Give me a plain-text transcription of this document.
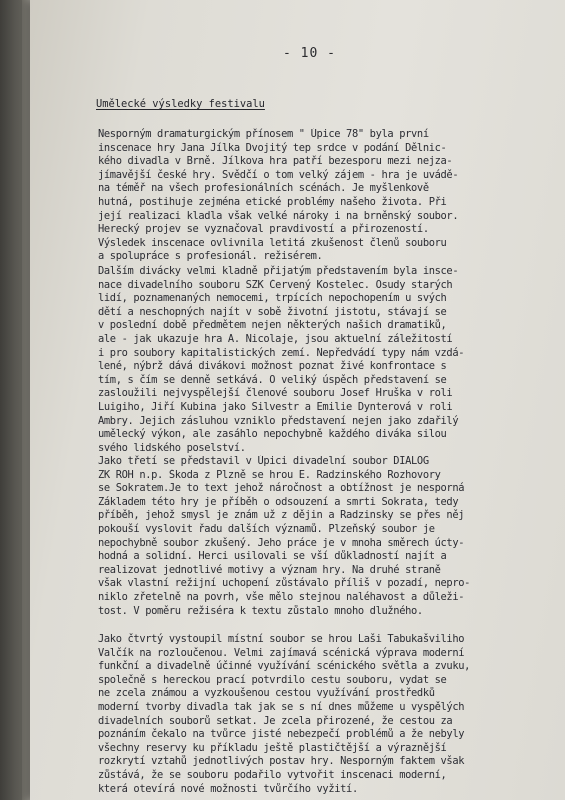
- 10 -
Umělecké výsledky festivalu
Nesporným dramaturgickým přínosem " Úpice 78" byla první
inscenace hry Jana Jílka Dvojitý tep srdce v podání Dělnic-
kého divadla v Brně. Jílkova hra patří bezesporu mezi nejza-
jímavější české hry. Svědčí o tom velký zájem - hra je uvádě-
na téměř na všech profesionálních scénách. Je myšlenkově
hutná, postihuje zejména etické problémy našeho života. Při
její realizaci kladla však velké nároky i na brněnský soubor.
Herecký projev se vyznačoval pravdivostí a přirozeností.
Výsledek inscenace ovlivnila letitá zkušenost členů souboru
a spolupráce s profesionál. režisérem.
Dalším divácky velmi kladně přijatým představením byla insce-
nace divadelního souboru SZK Červený Kostelec. Osudy starých
lidí, poznamenaných nemocemi, trpících nepochopením u svých
dětí a neschopných najít v sobě životní jistotu, stávají se
v poslední době předmětem nejen některých našich dramatiků,
ale - jak ukazuje hra A. Nicolaje, jsou aktuelní záležitostí
i pro soubory kapitalistických zemí. Nepředvádí typy nám vzdá-
lené, nýbrž dává divákovi možnost poznat živé konfrontace s
tím, s čím se denně setkává. O veliký úspěch představení se
zasloužili nejvyspělejší členové souboru Josef Hruška v roli
Luigiho, Jiří Kubina jako Silvestr a Emilie Dynterová v roli
Ambry. Jejich zásluhou vzniklo představení nejen jako zdařilý
umělecký výkon, ale zasáhlo nepochybně každého diváka silou
svého lidského poselství.
Jako třetí se představil v Úpici divadelní soubor DIALOG
ZK ROH n.p. Škoda z Plzně se hrou E. Radzinského Rozhovory
se Sokratem.Je to text jehož náročnost a obtížnost je nesporná
Základem této hry je příběh o odsouzení a smrti Sokrata, tedy
příběh, jehož smysl je znám už z dějin a Radzinsky se přes něj
pokouší vyslovit řadu dalších významů. Plzeňský soubor je
nepochybně soubor zkušený. Jeho práce je v mnoha směrech úcty-
hodná a solidní. Herci usilovali se vší důkladností najít a
realizovat jednotlivé motivy a význam hry. Na druhé straně
však vlastní režijní uchopení zůstávalo příliš v pozadí, nepro-
niklo zřetelně na povrh, vše mělo stejnou naléhavost a důleži-
tost. V poměru režiséra k textu zůstalo mnoho dlužného.
Jako čtvrtý vystoupil místní soubor se hrou Laši Tabukašviliho
Valčík na rozloučenou. Velmi zajímavá scénická výprava moderní
funkční a divadelně účinné využívání scénického světla a zvuku,
společně s hereckou prací potvrdilo cestu souboru, vydat se
ne zcela známou a vyzkoušenou cestou využívání prostředků
moderní tvorby divadla tak jak se s ní dnes můžeme u vyspělých
divadelních souborů setkat. Je zcela přirozené, že cestou za
poznáním čekalo na tvůrce jisté nebezpečí problémů a že nebyly
všechny reservy ku příkladu ještě plastičtější a výraznější
rozkrytí vztahů jednotlivých postav hry. Nesporným faktem však
zůstává, že se souboru podařilo vytvořit inscenaci moderní,
která otevírá nové možnosti tvůrčího vyžití.
